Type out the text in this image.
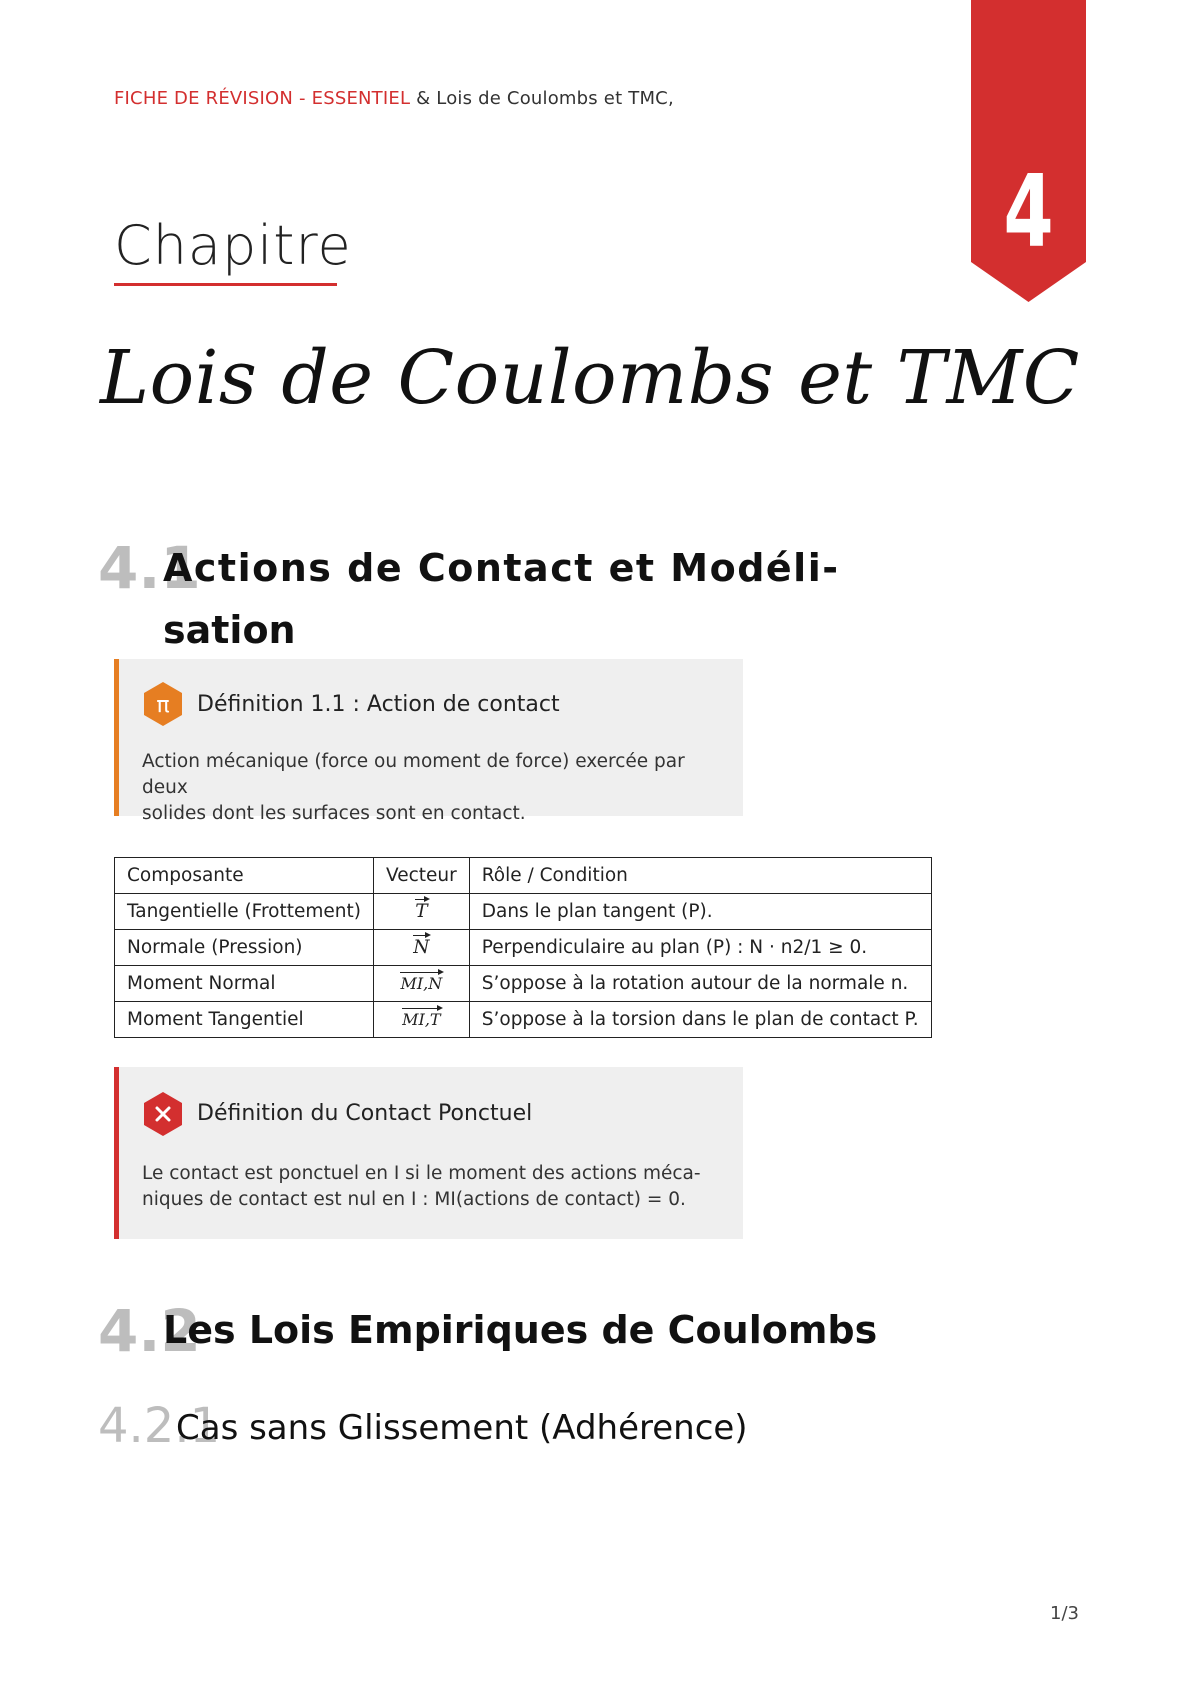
FICHE DE RÉVISION - ESSENTIEL & Lois de Coulombs et TMC,
4
Chapitre
Lois de Coulombs et TMC
4.1
Actions de Contact et Modéli-
sation
π Définition 1.1 : Action de contact
Action mécanique (force ou moment de force) exercée par deux
solides dont les surfaces sont en contact.
Composante	Vecteur	Rôle / Condition
Tangentielle (Frottement)	T	Dans le plan tangent (P).
Normale (Pression)	N	Perpendiculaire au plan (P) : N · n2/1 ≥ 0.
Moment Normal	MI,N	S’oppose à la rotation autour de la normale n.
Moment Tangentiel	MI,T	S’oppose à la torsion dans le plan de contact P.
Définition du Contact Ponctuel
Le contact est ponctuel en I si le moment des actions méca-
niques de contact est nul en I : MI(actions de contact) = 0.
4.2
Les Lois Empiriques de Coulombs
4.2.1
Cas sans Glissement (Adhérence)
1/3
